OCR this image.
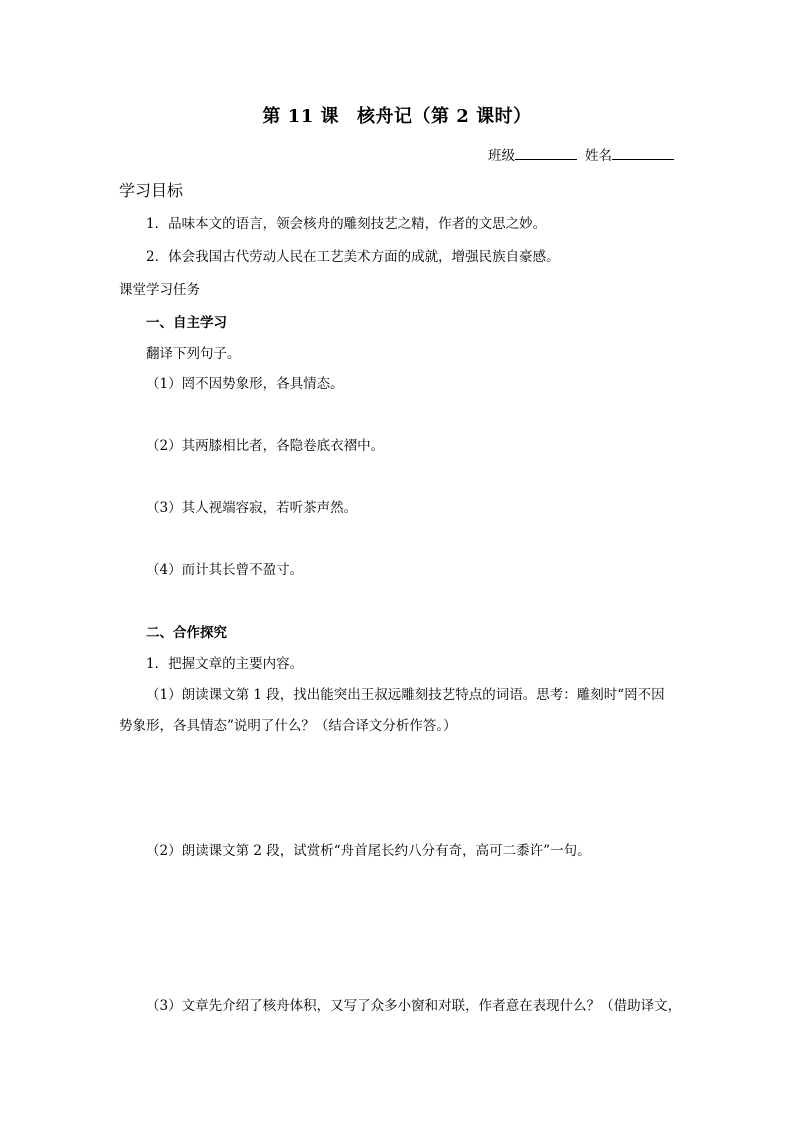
第 11 课 核舟记（第 2 课时）
班级	姓名
学习目标
1．品味本文的语言，领会核舟的雕刻技艺之精，作者的文思之妙。
2．体会我国古代劳动人民在工艺美术方面的成就，增强民族自豪感。
课堂学习任务
一、自主学习
翻译下列句子。
（1）罔不因势象形，各具情态。
（2）其两膝相比者，各隐卷底衣褶中。
（3）其人视端容寂，若听茶声然。
（4）而计其长曾不盈寸。
二、合作探究
1．把握文章的主要内容。
（1）朗读课文第 1 段，找出能突出王叔远雕刻技艺特点的词语。思考：雕刻时“罔不因
势象形，各具情态”说明了什么？（结合译文分析作答。）
（2）朗读课文第 2 段，试赏析“舟首尾长约八分有奇，高可二黍许”一句。
（3）文章先介绍了核舟体积，又写了众多小窗和对联，作者意在表现什么？（借助译文，
